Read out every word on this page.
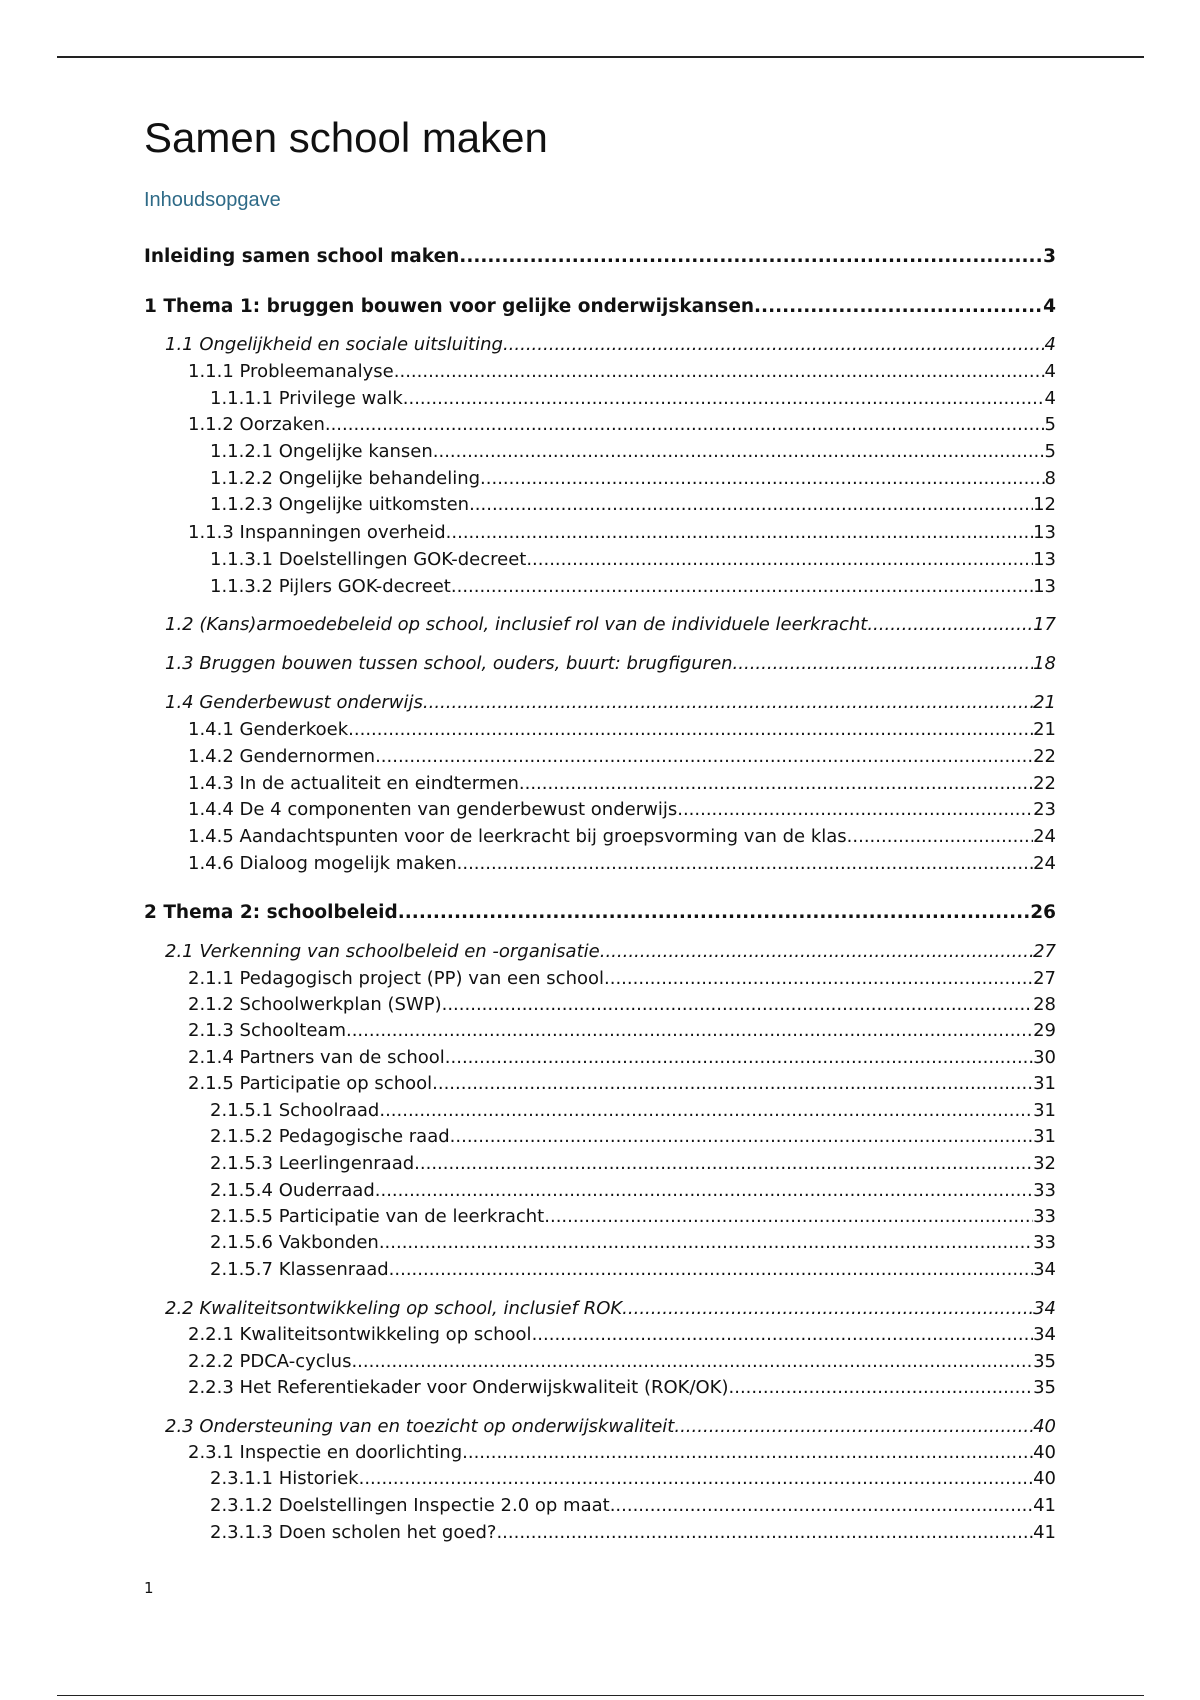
Samen school maken
Inhoudsopgave
Inleiding samen school maken .....	3
1 Thema 1: bruggen bouwen voor gelijke onderwijskansen .....	4
1.1 Ongelijkheid en sociale uitsluiting .....	4
1.1.1 Probleemanalyse .....	4
1.1.1.1 Privilege walk .....	4
1.1.2 Oorzaken .....	5
1.1.2.1 Ongelijke kansen .....	5
1.1.2.2 Ongelijke behandeling .....	8
1.1.2.3 Ongelijke uitkomsten .....	12
1.1.3 Inspanningen overheid .....	13
1.1.3.1 Doelstellingen GOK-decreet .....	13
1.1.3.2 Pijlers GOK-decreet .....	13
1.2 (Kans)armoedebeleid op school, inclusief rol van de individuele leerkracht .....	17
1.3 Bruggen bouwen tussen school, ouders, buurt: brugfiguren .....	18
1.4 Genderbewust onderwijs .....	21
1.4.1 Genderkoek .....	21
1.4.2 Gendernormen .....	22
1.4.3 In de actualiteit en eindtermen .....	22
1.4.4 De 4 componenten van genderbewust onderwijs .....	23
1.4.5 Aandachtspunten voor de leerkracht bij groepsvorming van de klas .....	24
1.4.6 Dialoog mogelijk maken .....	24
2 Thema 2: schoolbeleid .....	26
2.1 Verkenning van schoolbeleid en -organisatie .....	27
2.1.1 Pedagogisch project (PP) van een school .....	27
2.1.2 Schoolwerkplan (SWP) .....	28
2.1.3 Schoolteam .....	29
2.1.4 Partners van de school .....	30
2.1.5 Participatie op school .....	31
2.1.5.1 Schoolraad .....	31
2.1.5.2 Pedagogische raad .....	31
2.1.5.3 Leerlingenraad .....	32
2.1.5.4 Ouderraad .....	33
2.1.5.5 Participatie van de leerkracht .....	33
2.1.5.6 Vakbonden .....	33
2.1.5.7 Klassenraad .....	34
2.2 Kwaliteitsontwikkeling op school, inclusief ROK .....	34
2.2.1 Kwaliteitsontwikkeling op school .....	34
2.2.2 PDCA-cyclus .....	35
2.2.3 Het Referentiekader voor Onderwijskwaliteit (ROK/OK) .....	35
2.3 Ondersteuning van en toezicht op onderwijskwaliteit .....	40
2.3.1 Inspectie en doorlichting .....	40
2.3.1.1 Historiek .....	40
2.3.1.2 Doelstellingen Inspectie 2.0 op maat .....	41
2.3.1.3 Doen scholen het goed? .....	41
1
